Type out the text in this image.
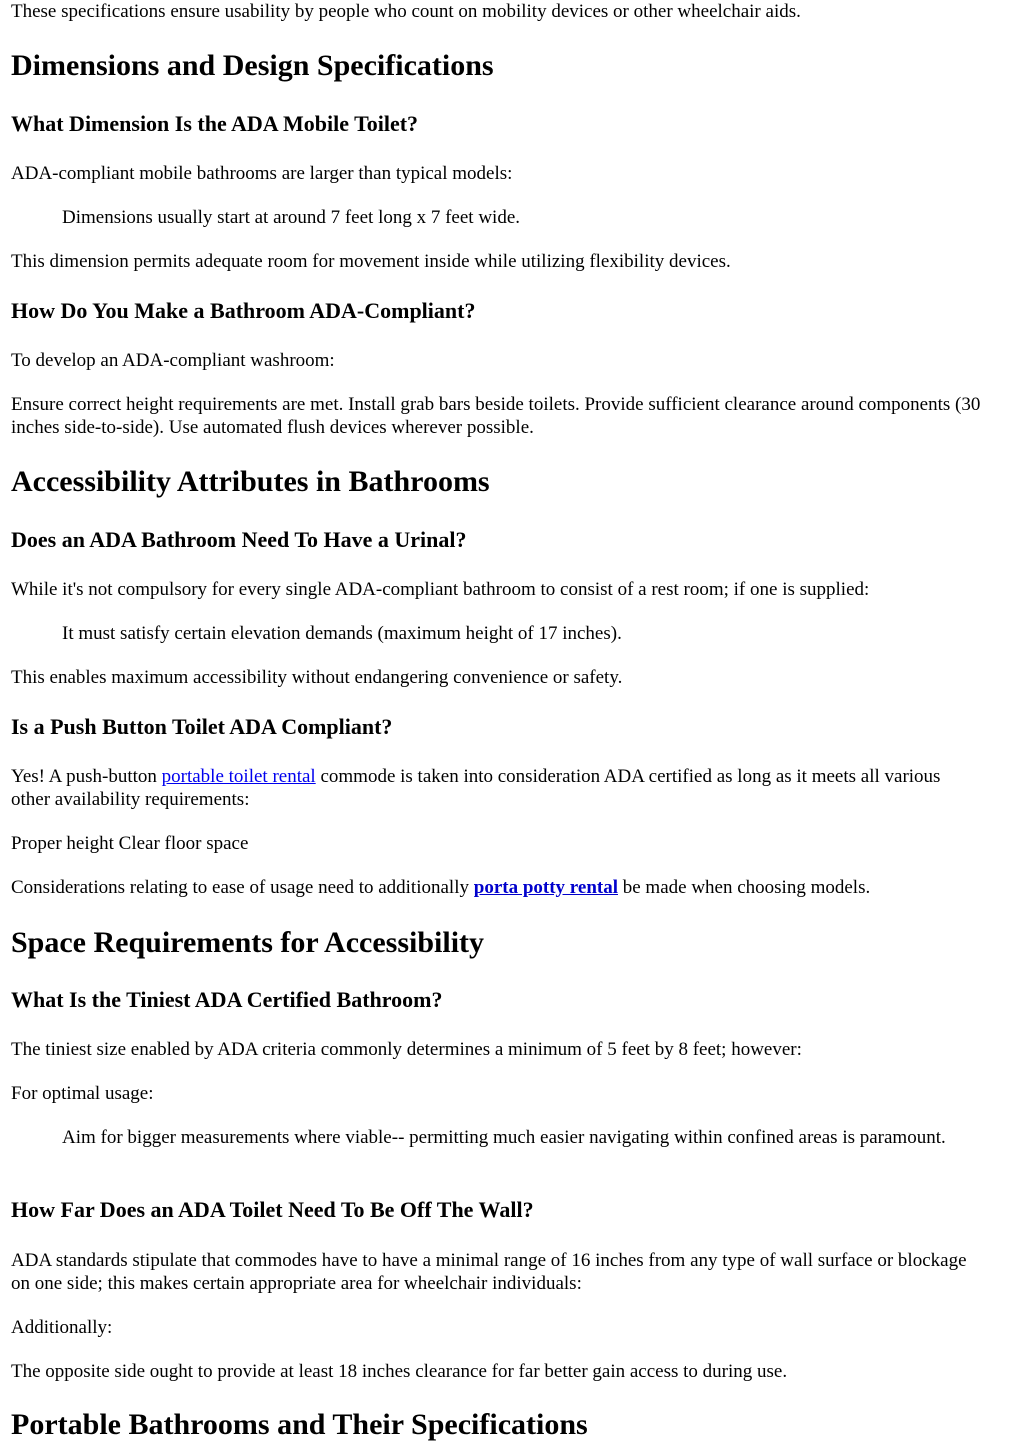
These specifications ensure usability by people who count on mobility devices or other wheelchair aids.

Dimensions and Design Specifications
What Dimension Is the ADA Mobile Toilet?

ADA-compliant mobile bathrooms are larger than typical models:

Dimensions usually start at around 7 feet long x 7 feet wide.

This dimension permits adequate room for movement inside while utilizing flexibility devices.

How Do You Make a Bathroom ADA-Compliant?

To develop an ADA-compliant washroom:

Ensure correct height requirements are met. Install grab bars beside toilets. Provide sufficient clearance around components (30 inches side-to-side). Use automated flush devices wherever possible.

Accessibility Attributes in Bathrooms
Does an ADA Bathroom Need To Have a Urinal?

While it's not compulsory for every single ADA-compliant bathroom to consist of a rest room; if one is supplied:

It must satisfy certain elevation demands (maximum height of 17 inches).

This enables maximum accessibility without endangering convenience or safety.

Is a Push Button Toilet ADA Compliant?

Yes! A push-button portable toilet rental commode is taken into consideration ADA certified as long as it meets all various other availability requirements:

Proper height Clear floor space

Considerations relating to ease of usage need to additionally porta potty rental be made when choosing models.

Space Requirements for Accessibility
What Is the Tiniest ADA Certified Bathroom?

The tiniest size enabled by ADA criteria commonly determines a minimum of 5 feet by 8 feet; however:

For optimal usage:

Aim for bigger measurements where viable-- permitting much easier navigating within confined areas is paramount.

How Far Does an ADA Toilet Need To Be Off The Wall?

ADA standards stipulate that commodes have to have a minimal range of 16 inches from any type of wall surface or blockage on one side; this makes certain appropriate area for wheelchair individuals:

Additionally:

The opposite side ought to provide at least 18 inches clearance for far better gain access to during use.

Portable Bathrooms and Their Specifications
